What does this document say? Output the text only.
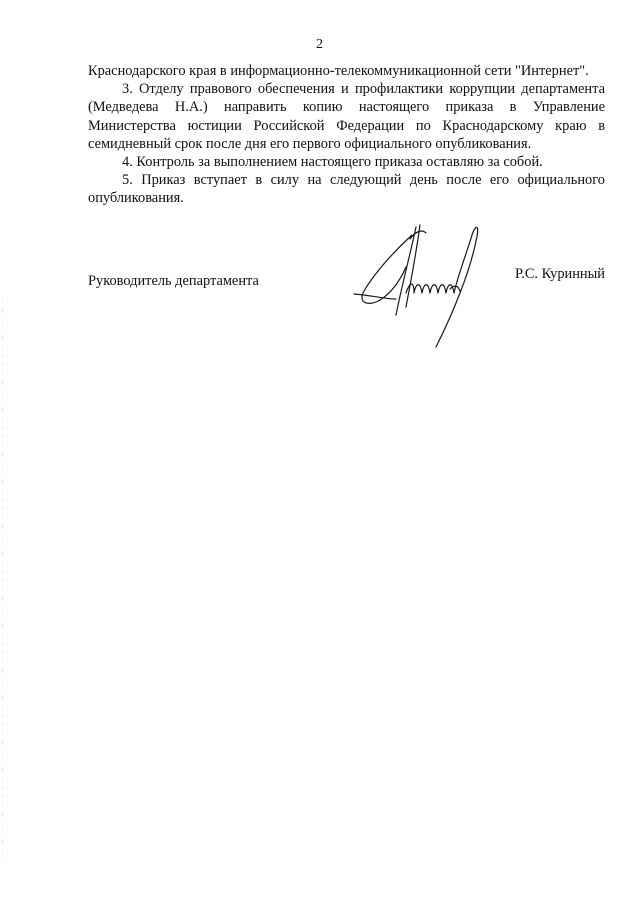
2

Краснодарского края в информационно-телекоммуникационной сети "Интернет".

3. Отделу правового обеспечения и профилактики коррупции департамента (Медведева Н.А.) направить копию настоящего приказа в Управление Министерства юстиции Российской Федерации по Краснодарскому краю в семидневный срок после дня его первого официального опубликования.

4. Контроль за выполнением настоящего приказа оставляю за собой.

5. Приказ вступает в силу на следующий день после его официального опубликования.

Руководитель департамента	Р.С. Куринный
